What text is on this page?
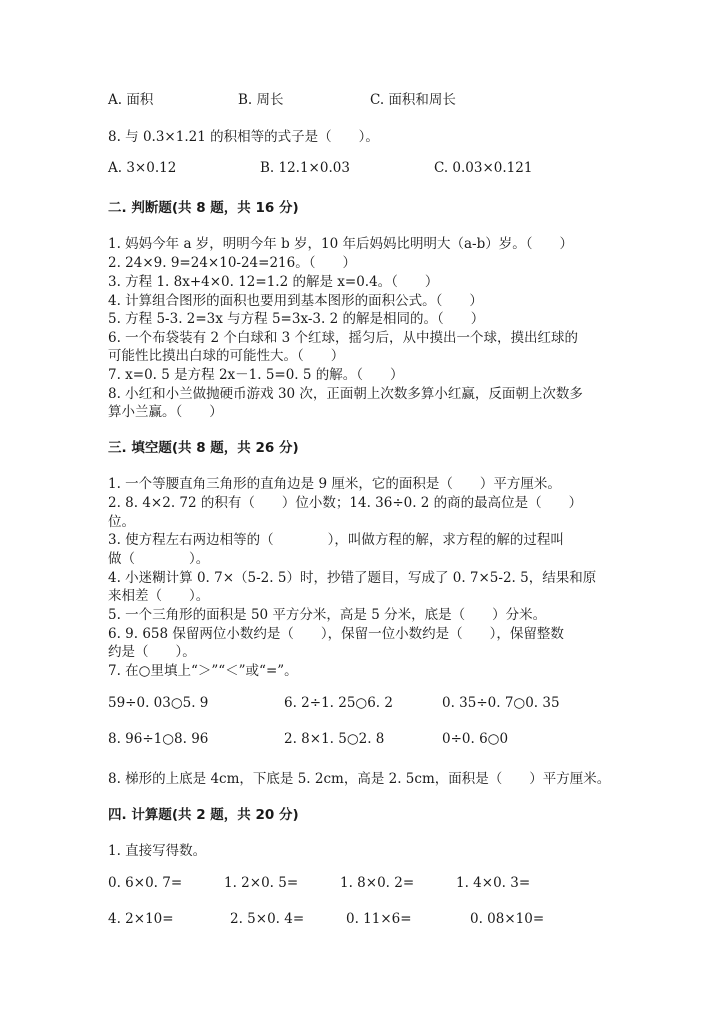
A. 面积	B. 周长	C. 面积和周长
8. 与 0.3×1.21 的积相等的式子是（　　）。
A. 3×0.12	B. 12.1×0.03	C. 0.03×0.121
二. 判断题(共 8 题，共 16 分)
1. 妈妈今年 a 岁，明明今年 b 岁，10 年后妈妈比明明大（a-b）岁。（　　）
2. 24×9. 9=24×10-24=216。（　　）
3. 方程 1. 8x+4×0. 12=1.2 的解是 x=0.4。（　　）
4. 计算组合图形的面积也要用到基本图形的面积公式。（　　）
5. 方程 5-3. 2=3x 与方程 5=3x-3. 2 的解是相同的。（　　）
6. 一个布袋装有 2 个白球和 3 个红球，摇匀后，从中摸出一个球，摸出红球的
可能性比摸出白球的可能性大。（　　）
7. x=0. 5 是方程 2x－1. 5=0. 5 的解。（　　）
8. 小红和小兰做抛硬币游戏 30 次，正面朝上次数多算小红赢，反面朝上次数多
算小兰赢。（　　）
三. 填空题(共 8 题，共 26 分)
1. 一个等腰直角三角形的直角边是 9 厘米，它的面积是（　　）平方厘米。
2. 8. 4×2. 72 的积有（　　）位小数；14. 36÷0. 2 的商的最高位是（　　）
位。
3. 使方程左右两边相等的（　　　　），叫做方程的解，求方程的解的过程叫
做（　　　　）。
4. 小迷糊计算 0. 7×（5-2. 5）时，抄错了题目，写成了 0. 7×5-2. 5，结果和原
来相差（　　）。
5. 一个三角形的面积是 50 平方分米，高是 5 分米，底是（　　）分米。
6. 9. 658 保留两位小数约是（　　），保留一位小数约是（　　），保留整数
约是（　　）。
7. 在○里填上“＞”“＜”或“=”。
59÷0. 03○5. 9	6. 2÷1. 25○6. 2	0. 35÷0. 7○0. 35
8. 96÷1○8. 96	2. 8×1. 5○2. 8	0÷0. 6○0
8. 梯形的上底是 4cm，下底是 5. 2cm，高是 2. 5cm，面积是（　　）平方厘米。
四. 计算题(共 2 题，共 20 分)
1. 直接写得数。
0. 6×0. 7=	1. 2×0. 5=	1. 8×0. 2=	1. 4×0. 3=
4. 2×10=	2. 5×0. 4=	0. 11×6=	0. 08×10=
